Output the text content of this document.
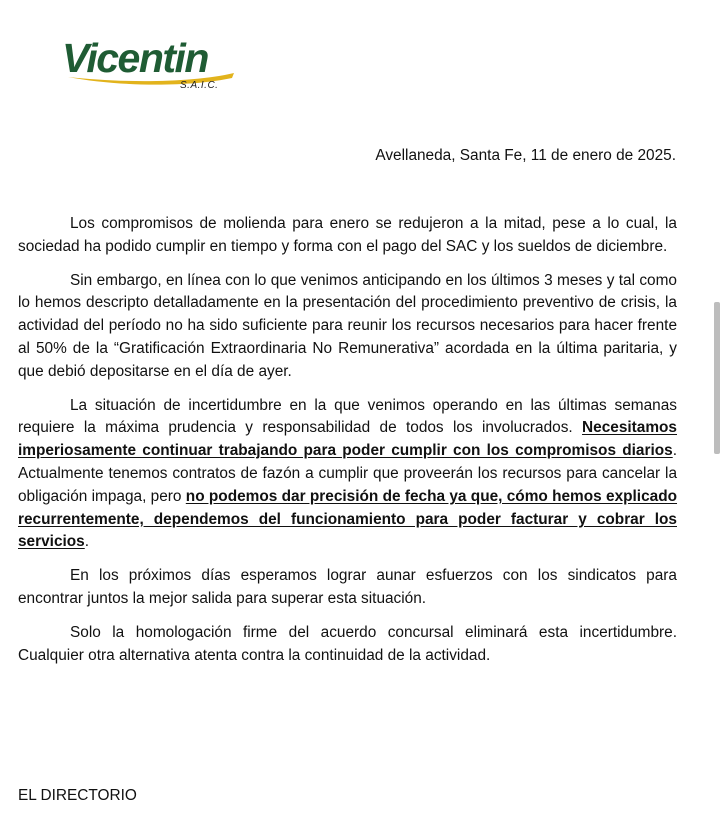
Vicentin
S.A.I.C.
Avellaneda, Santa Fe, 11 de enero de 2025.

Los compromisos de molienda para enero se redujeron a la mitad, pese a lo cual, la sociedad ha podido cumplir en tiempo y forma con el pago del SAC y los sueldos de diciembre.

Sin embargo, en línea con lo que venimos anticipando en los últimos 3 meses y tal como lo hemos descripto detalladamente en la presentación del procedimiento preventivo de crisis, la actividad del período no ha sido suficiente para reunir los recursos necesarios para hacer frente al 50% de la “Gratificación Extraordinaria No Remunerativa” acordada en la última paritaria, y que debió depositarse en el día de ayer.

La situación de incertidumbre en la que venimos operando en las últimas semanas requiere la máxima prudencia y responsabilidad de todos los involucrados. Necesitamos imperiosamente continuar trabajando para poder cumplir con los compromisos diarios. Actualmente tenemos contratos de fazón a cumplir que proveerán los recursos para cancelar la obligación impaga, pero no podemos dar precisión de fecha ya que, cómo hemos explicado recurrentemente, dependemos del funcionamiento para poder facturar y cobrar los servicios.

En los próximos días esperamos lograr aunar esfuerzos con los sindicatos para encontrar juntos la mejor salida para superar esta situación.

Solo la homologación firme del acuerdo concursal eliminará esta incertidumbre. Cualquier otra alternativa atenta contra la continuidad de la actividad.

EL DIRECTORIO
